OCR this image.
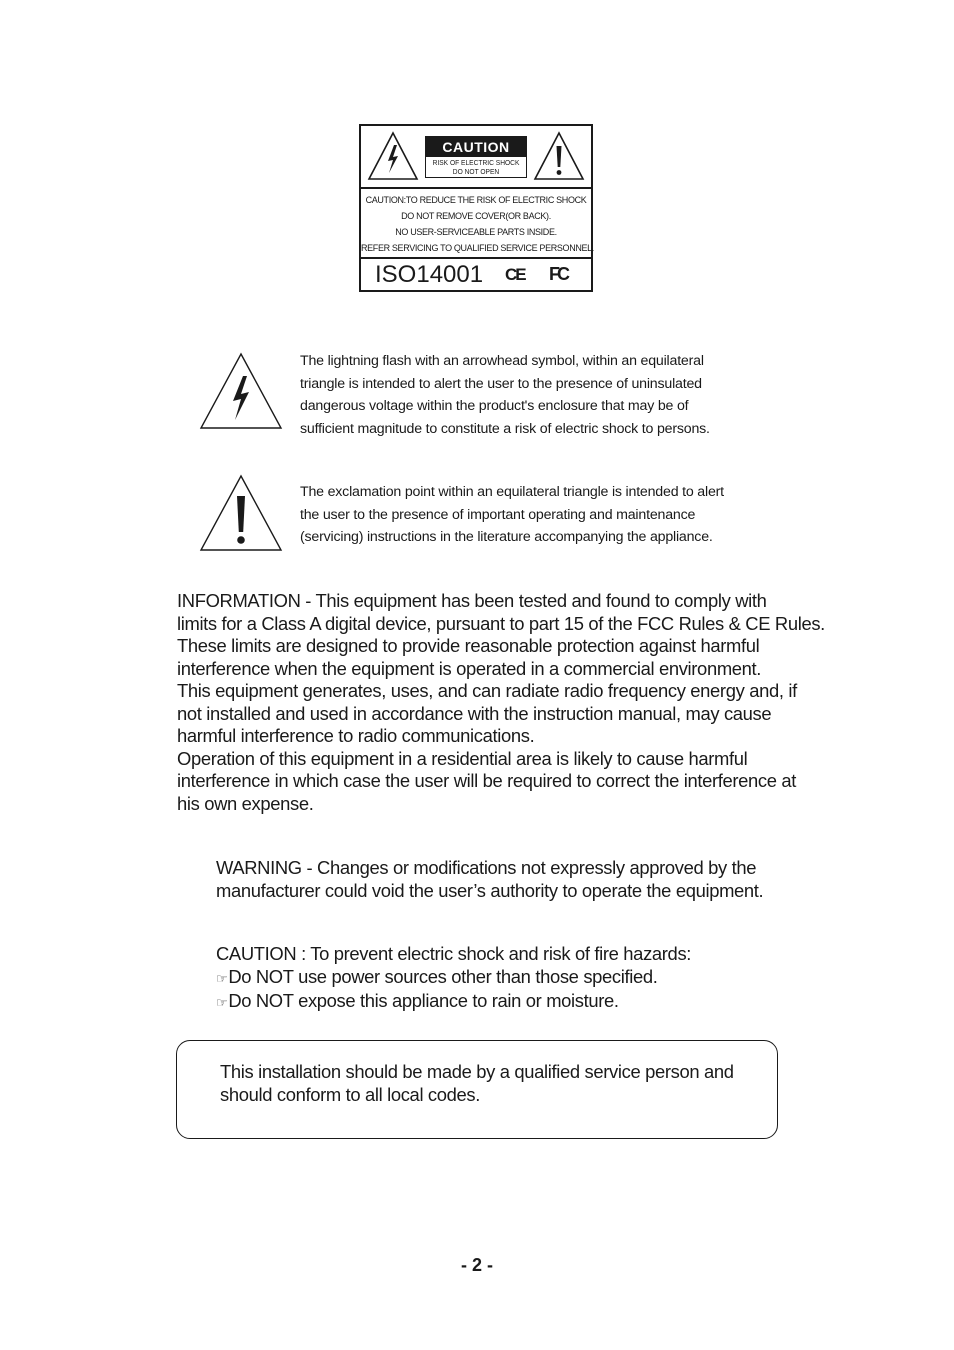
CAUTION
RISK OF ELECTRIC SHOCK
DO NOT OPEN
CAUTION:TO REDUCE THE RISK OF ELECTRIC SHOCK
DO NOT REMOVE COVER(OR BACK).
NO USER-SERVICEABLE PARTS INSIDE.
REFER SERVICING TO QUALIFIED SERVICE PERSONNEL.
ISO14001 CE FC
The lightning flash with an arrowhead symbol, within an equilateral
triangle is intended to alert the user to the presence of uninsulated
dangerous voltage within the product's enclosure that may be of
sufficient magnitude to constitute a risk of electric shock to persons.
The exclamation point within an equilateral triangle is intended to alert
the user to the presence of important operating and maintenance
(servicing) instructions in the literature accompanying the appliance.
INFORMATION - This equipment has been tested and found to comply with
limits for a Class A digital device, pursuant to part 15 of the FCC Rules & CE Rules.
These limits are designed to provide reasonable protection against harmful
interference when the equipment is operated in a commercial environment.
This equipment generates, uses, and can radiate radio frequency energy and, if
not installed and used in accordance with the instruction manual, may cause
harmful interference to radio communications.
Operation of this equipment in a residential area is likely to cause harmful
interference in which case the user will be required to correct the interference at
his own expense.
WARNING - Changes or modifications not expressly approved by the
manufacturer could void the user’s authority to operate the equipment.
CAUTION : To prevent electric shock and risk of fire hazards:
☞Do NOT use power sources other than those specified.
☞Do NOT expose this appliance to rain or moisture.
This installation should be made by a qualified service person and
should conform to all local codes.
- 2 -
